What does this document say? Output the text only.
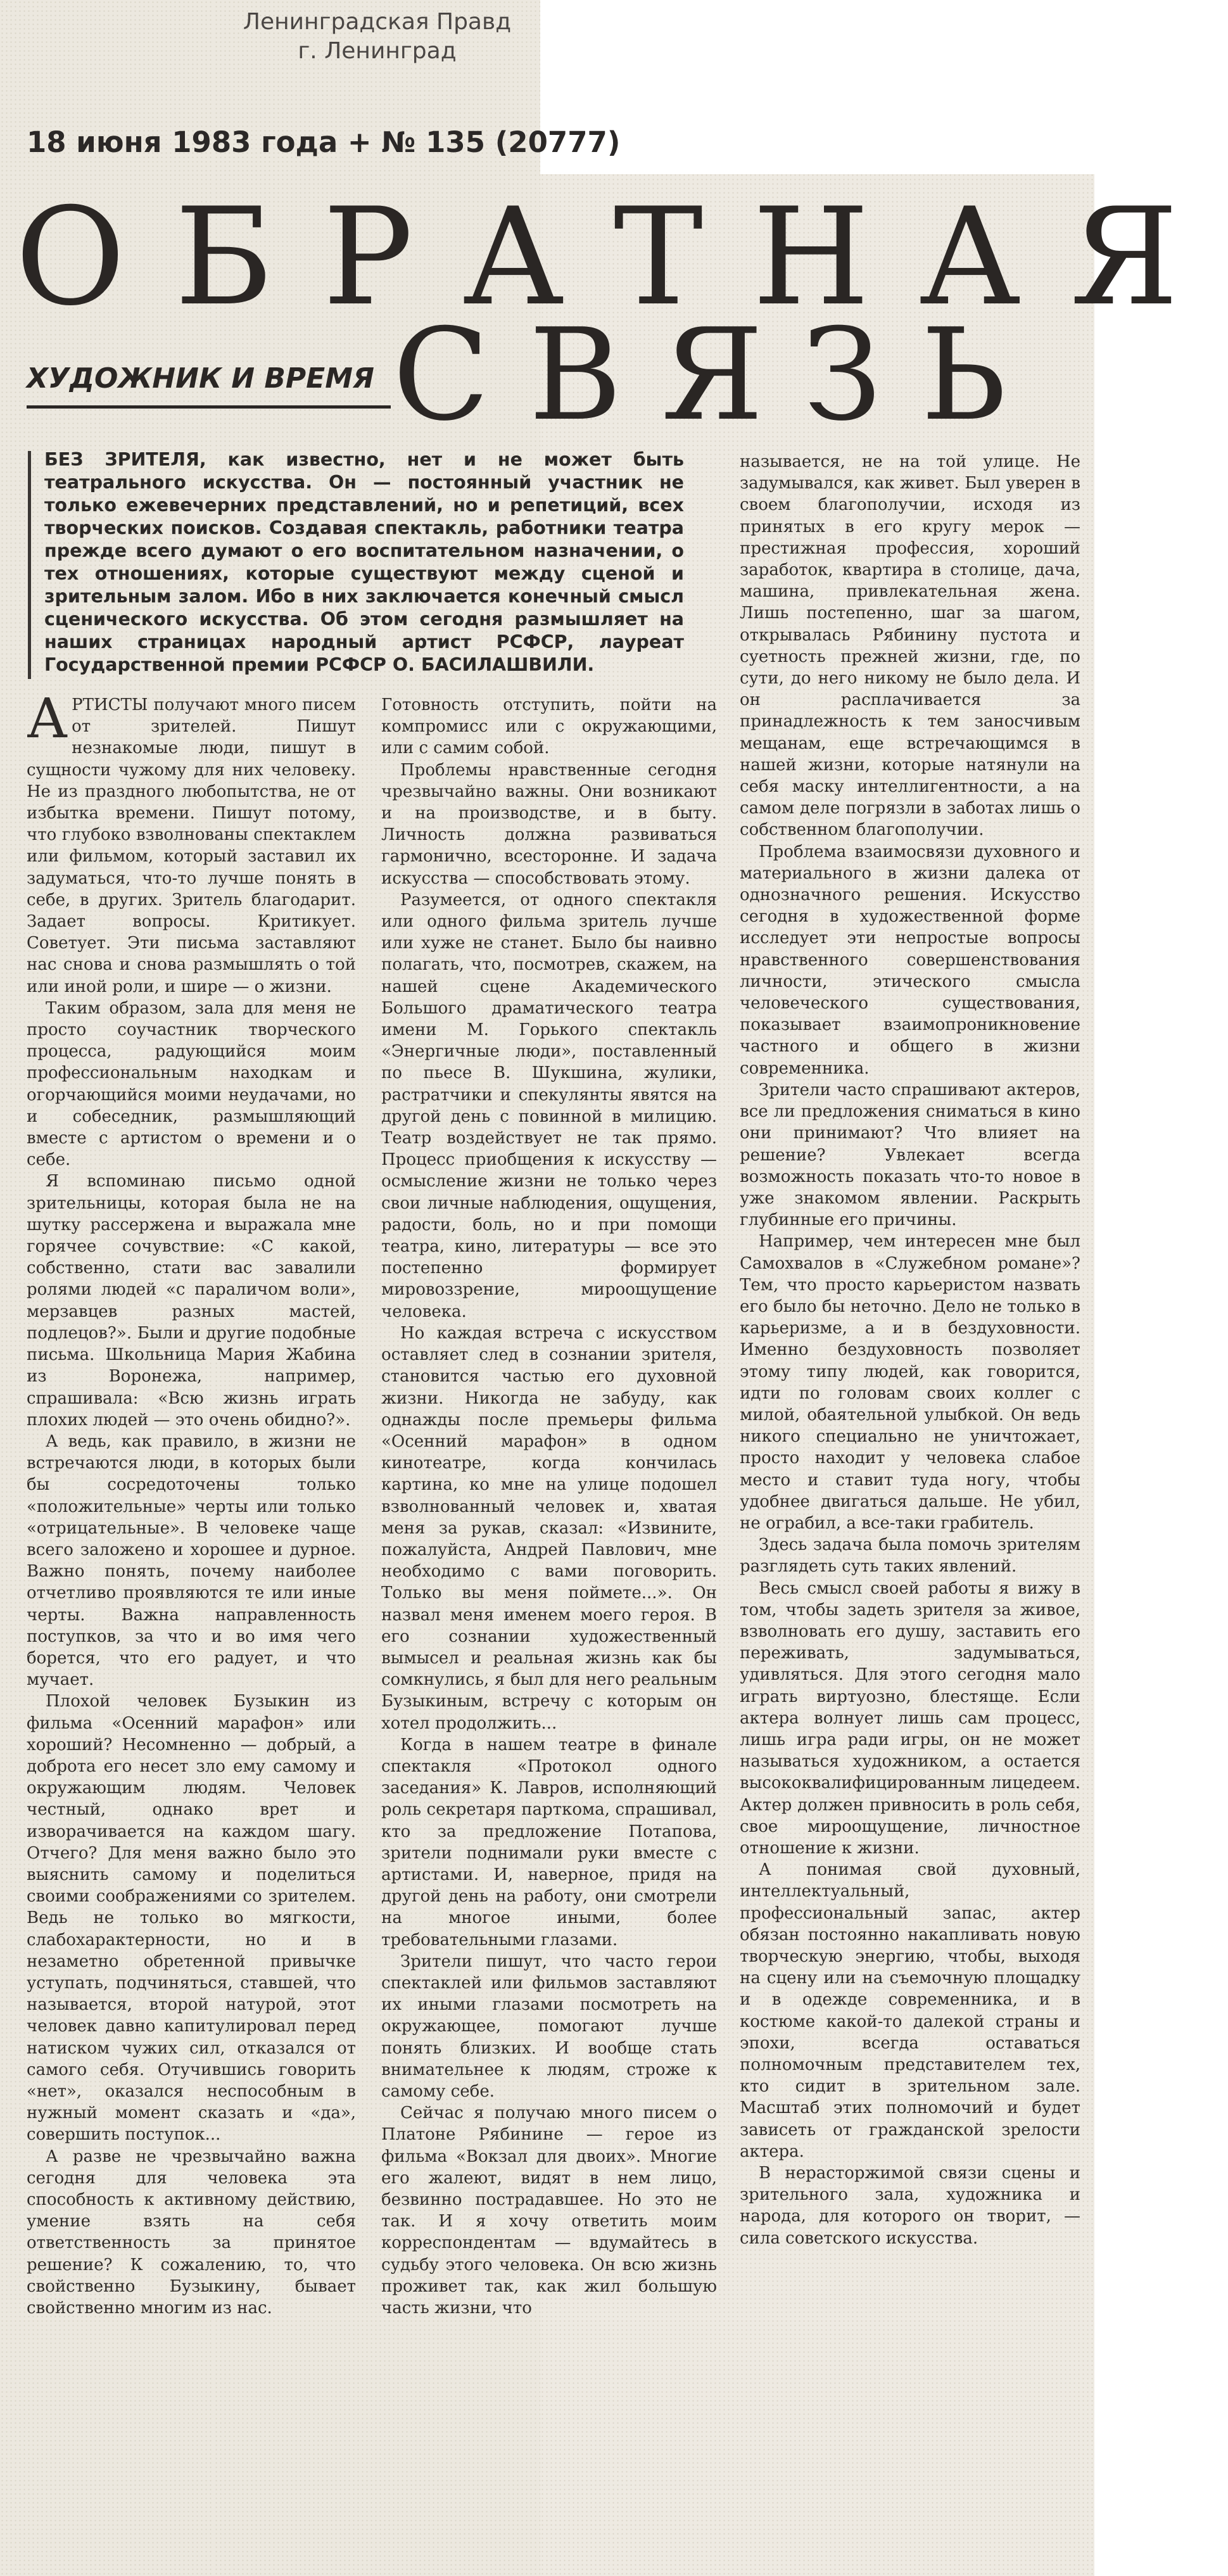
Ленинградская Правд
г. Ленинград
18 июня 1983 года + № 135 (20777)
ОБРАТНАЯ
ХУДОЖНИК И ВРЕМЯ СВЯЗЬ
БЕЗ ЗРИТЕЛЯ, как известно, нет и не может быть театрального искусства. Он — постоянный участник не только ежевечерних представлений, но и репетиций, всех творческих поисков. Создавая спектакль, работники театра прежде всего думают о его воспитательном назначении, о тех отношениях, которые существуют между сценой и зрительным залом. Ибо в них заключается конечный смысл сценического искусства. Об этом сегодня размышляет на наших страницах народный артист РСФСР, лауреат Государственной премии РСФСР О. БАСИЛАШВИЛИ.

АРТИСТЫ получают много писем от зрителей. Пишут незнакомые люди, пишут в сущности чужому для них человеку. Не из праздного любопытства, не от избытка времени. Пишут потому, что глубоко взволнованы спектаклем или фильмом, который заставил их задуматься, что-то лучше понять в себе, в других. Зритель благодарит. Задает вопросы. Критикует. Советует. Эти письма заставляют нас снова и снова размышлять о той или иной роли, и шире — о жизни.

Таким образом, зала для меня не просто соучастник творческого процесса, радующийся моим профессиональным находкам и огорчающийся моими неудачами, но и собеседник, размышляющий вместе с артистом о времени и о себе.

Я вспоминаю письмо одной зрительницы, которая была не на шутку рассержена и выражала мне горячее сочувствие: «С какой, собственно, стати вас завалили ролями людей «с параличом воли», мерзавцев разных мастей, подлецов?». Были и другие подобные письма. Школьница Мария Жабина из Воронежа, например, спрашивала: «Всю жизнь играть плохих людей — это очень обидно?».

А ведь, как правило, в жизни не встречаются люди, в которых были бы сосредоточены только «положительные» черты или только «отрицательные». В человеке чаще всего заложено и хорошее и дурное. Важно понять, почему наиболее отчетливо проявляются те или иные черты. Важна направленность поступков, за что и во имя чего борется, что его радует, и что мучает.

Плохой человек Бузыкин из фильма «Осенний марафон» или хороший? Несомненно — добрый, а доброта его несет зло ему самому и окружающим людям. Человек честный, однако врет и изворачивается на каждом шагу. Отчего? Для меня важно было это выяснить самому и поделиться своими соображениями со зрителем. Ведь не только во мягкости, слабохарактерности, но и в незаметно обретенной привычке уступать, подчиняться, ставшей, что называется, второй натурой, этот человек давно капитулировал перед натиском чужих сил, отказался от самого себя. Отучившись говорить «нет», оказался неспособным в нужный момент сказать и «да», совершить поступок...

А разве не чрезвычайно важна сегодня для человека эта способность к активному действию, умение взять на себя ответственность за принятое решение? К сожалению, то, что свойственно Бузыкину, бывает свойственно многим из нас.

Готовность отступить, пойти на компромисс или с окружающими, или с самим собой.

Проблемы нравственные сегодня чрезвычайно важны. Они возникают и на производстве, и в быту. Личность должна развиваться гармонично, всесторонне. И задача искусства — способствовать этому.

Разумеется, от одного спектакля или одного фильма зритель лучше или хуже не станет. Было бы наивно полагать, что, посмотрев, скажем, на нашей сцене Академического Большого драматического театра имени М. Горького спектакль «Энергичные люди», поставленный по пьесе В. Шукшина, жулики, растратчики и спекулянты явятся на другой день с повинной в милицию. Театр воздействует не так прямо. Процесс приобщения к искусству — осмысление жизни не только через свои личные наблюдения, ощущения, радости, боль, но и при помощи театра, кино, литературы — все это постепенно формирует мировоззрение, мироощущение человека.

Но каждая встреча с искусством оставляет след в сознании зрителя, становится частью его духовной жизни. Никогда не забуду, как однажды после премьеры фильма «Осенний марафон» в одном кинотеатре, когда кончилась картина, ко мне на улице подошел взволнованный человек и, хватая меня за рукав, сказал: «Извините, пожалуйста, Андрей Павлович, мне необходимо с вами поговорить. Только вы меня поймете...». Он назвал меня именем моего героя. В его сознании художественный вымысел и реальная жизнь как бы сомкнулись, я был для него реальным Бузыкиным, встречу с которым он хотел продолжить...

Когда в нашем театре в финале спектакля «Протокол одного заседания» К. Лавров, исполняющий роль секретаря парткома, спрашивал, кто за предложение Потапова, зрители поднимали руки вместе с артистами. И, наверное, придя на другой день на работу, они смотрели на многое иными, более требовательными глазами.

Зрители пишут, что часто герои спектаклей или фильмов заставляют их иными глазами посмотреть на окружающее, помогают лучше понять близких. И вообще стать внимательнее к людям, строже к самому себе.

Сейчас я получаю много писем о Платоне Рябинине — герое из фильма «Вокзал для двоих». Многие его жалеют, видят в нем лицо, безвинно пострадавшее. Но это не так. И я хочу ответить моим корреспондентам — вдумайтесь в судьбу этого человека. Он всю жизнь проживет так, как жил большую часть жизни, что

называется, не на той улице. Не задумывался, как живет. Был уверен в своем благополучии, исходя из принятых в его кругу мерок — престижная профессия, хороший заработок, квартира в столице, дача, машина, привлекательная жена. Лишь постепенно, шаг за шагом, открывалась Рябинину пустота и суетность прежней жизни, где, по сути, до него никому не было дела. И он расплачивается за принадлежность к тем заносчивым мещанам, еще встречающимся в нашей жизни, которые натянули на себя маску интеллигентности, а на самом деле погрязли в заботах лишь о собственном благополучии.

Проблема взаимосвязи духовного и материального в жизни далека от однозначного решения. Искусство сегодня в художественной форме исследует эти непростые вопросы нравственного совершенствования личности, этического смысла человеческого существования, показывает взаимопроникновение частного и общего в жизни современника.

Зрители часто спрашивают актеров, все ли предложения сниматься в кино они принимают? Что влияет на решение? Увлекает всегда возможность показать что-то новое в уже знакомом явлении. Раскрыть глубинные его причины.

Например, чем интересен мне был Самохвалов в «Служебном романе»? Тем, что просто карьеристом назвать его было бы неточно. Дело не только в карьеризме, а и в бездуховности. Именно бездуховность позволяет этому типу людей, как говорится, идти по головам своих коллег с милой, обаятельной улыбкой. Он ведь никого специально не уничтожает, просто находит у человека слабое место и ставит туда ногу, чтобы удобнее двигаться дальше. Не убил, не ограбил, а все-таки грабитель.

Здесь задача была помочь зрителям разглядеть суть таких явлений.

Весь смысл своей работы я вижу в том, чтобы задеть зрителя за живое, взволновать его душу, заставить его переживать, задумываться, удивляться. Для этого сегодня мало играть виртуозно, блестяще. Если актера волнует лишь сам процесс, лишь игра ради игры, он не может называться художником, а остается высококвалифицированным лицедеем. Актер должен привносить в роль себя, свое мироощущение, личностное отношение к жизни.

А понимая свой духовный, интеллектуальный, профессиональный запас, актер обязан постоянно накапливать новую творческую энергию, чтобы, выходя на сцену или на съемочную площадку и в одежде современника, и в костюме какой-то далекой страны и эпохи, всегда оставаться полномочным представителем тех, кто сидит в зрительном зале. Масштаб этих полномочий и будет зависеть от гражданской зрелости актера.

В нерасторжимой связи сцены и зрительного зала, художника и народа, для которого он творит, — сила советского искусства.
